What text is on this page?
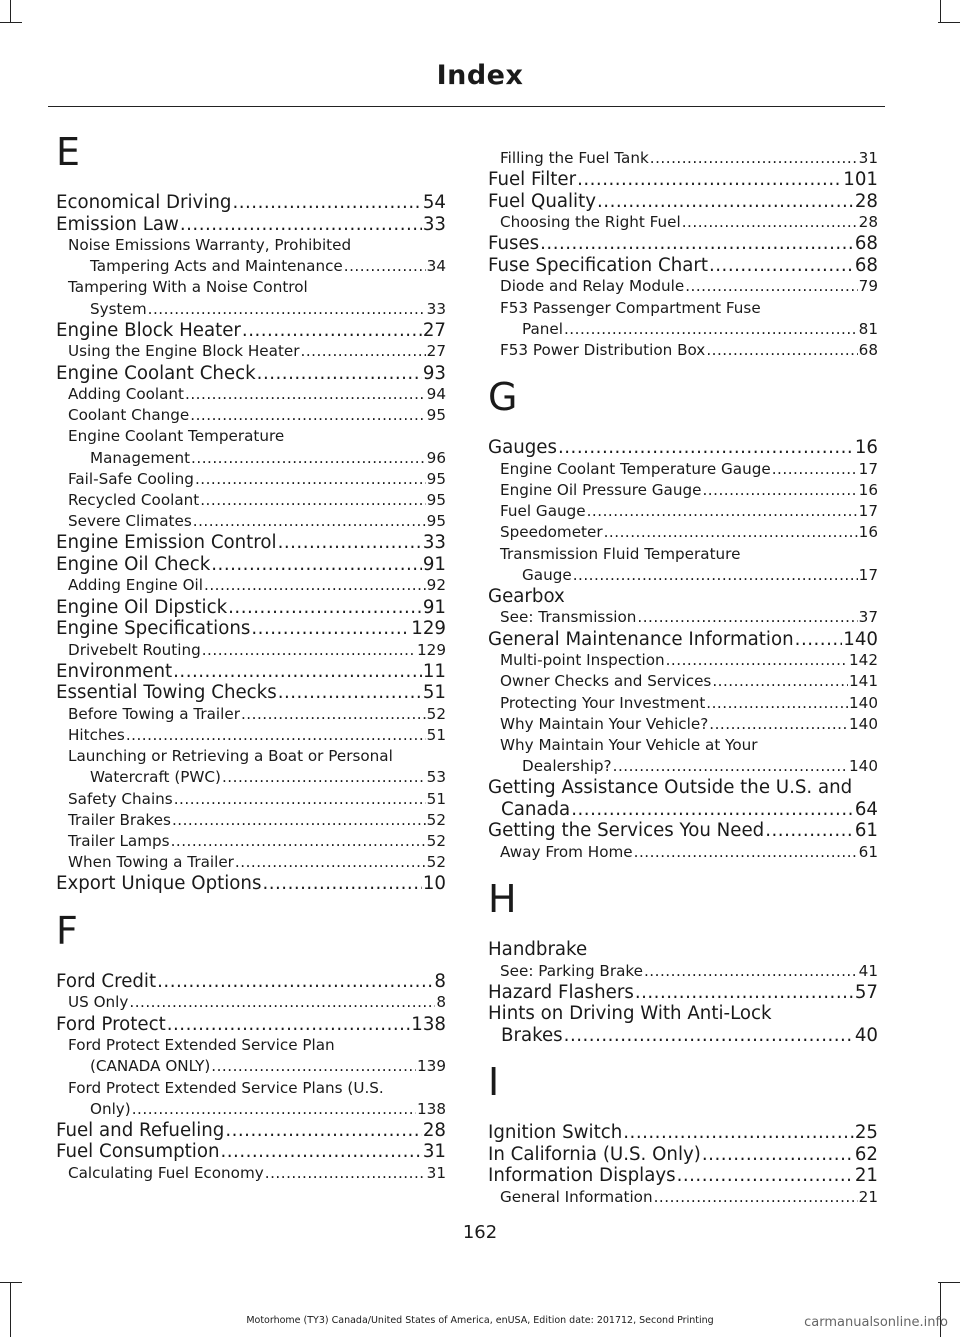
Index
E
Economical Driving .....	54
Emission Law .....	33
Noise Emissions Warranty, Prohibited
Tampering Acts and Maintenance .....	34
Tampering With a Noise Control
System .....	33
Engine Block Heater .....	27
Using the Engine Block Heater .....	27
Engine Coolant Check .....	93
Adding Coolant .....	94
Coolant Change .....	95
Engine Coolant Temperature
Management .....	96
Fail-Safe Cooling .....	95
Recycled Coolant .....	95
Severe Climates .....	95
Engine Emission Control .....	33
Engine Oil Check .....	91
Adding Engine Oil .....	92
Engine Oil Dipstick .....	91
Engine Specifications .....	129
Drivebelt Routing .....	129
Environment .....	11
Essential Towing Checks .....	51
Before Towing a Trailer .....	52
Hitches .....	51
Launching or Retrieving a Boat or Personal
Watercraft (PWC) .....	53
Safety Chains .....	51
Trailer Brakes .....	52
Trailer Lamps .....	52
When Towing a Trailer .....	52
Export Unique Options .....	10
F
Ford Credit .....	8
US Only .....	8
Ford Protect .....	138
Ford Protect Extended Service Plan
(CANADA ONLY) .....	139
Ford Protect Extended Service Plans (U.S.
Only) .....	138
Fuel and Refueling .....	28
Fuel Consumption .....	31
Calculating Fuel Economy .....	31
Filling the Fuel Tank .....	31
Fuel Filter .....	101
Fuel Quality .....	28
Choosing the Right Fuel .....	28
Fuses .....	68
Fuse Specification Chart .....	68
Diode and Relay Module .....	79
F53 Passenger Compartment Fuse
Panel .....	81
F53 Power Distribution Box .....	68
G
Gauges .....	16
Engine Coolant Temperature Gauge .....	17
Engine Oil Pressure Gauge .....	16
Fuel Gauge .....	17
Speedometer .....	16
Transmission Fluid Temperature
Gauge .....	17
Gearbox
See: Transmission .....	37
General Maintenance Information .....	140
Multi-point Inspection .....	142
Owner Checks and Services .....	141
Protecting Your Investment .....	140
Why Maintain Your Vehicle? .....	140
Why Maintain Your Vehicle at Your
Dealership? .....	140
Getting Assistance Outside the U.S. and
Canada .....	64
Getting the Services You Need .....	61
Away From Home .....	61
H
Handbrake
See: Parking Brake .....	41
Hazard Flashers .....	57
Hints on Driving With Anti-Lock
Brakes .....	40
I
Ignition Switch .....	25
In California (U.S. Only) .....	62
Information Displays .....	21
General Information .....	21
162
Motorhome (TY3) Canada/United States of America, enUSA, Edition date: 201712, Second Printing	carmanualsonline.info
